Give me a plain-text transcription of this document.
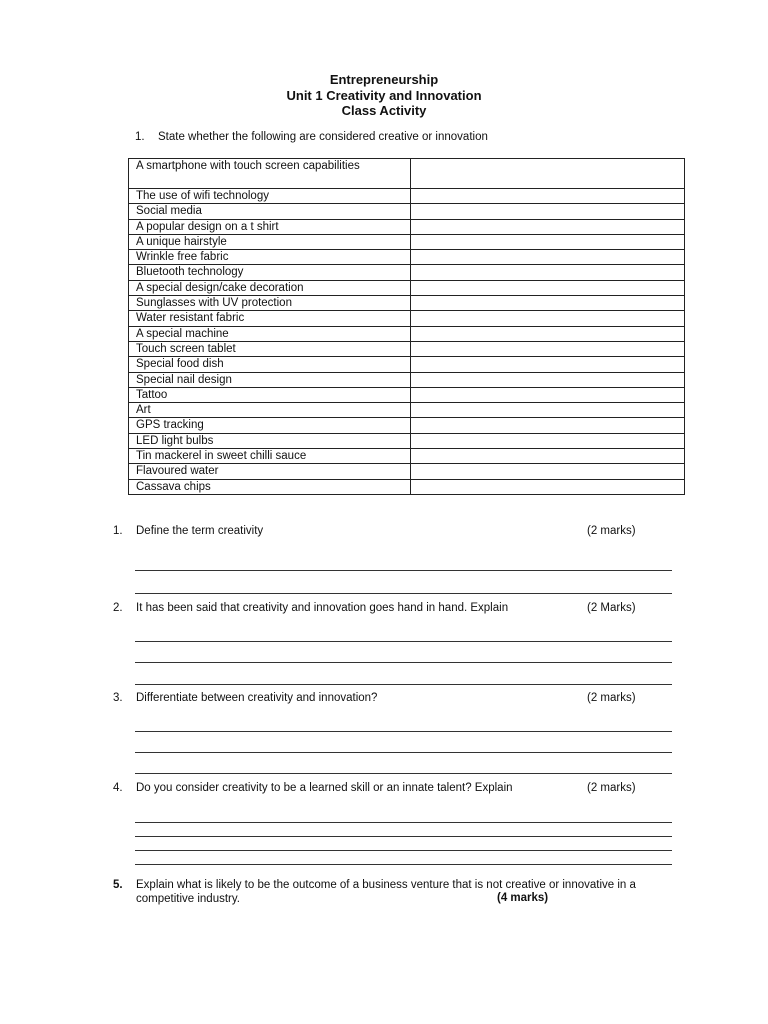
Entrepreneurship
Unit 1 Creativity and Innovation
Class Activity
1. State whether the following are considered creative or innovation
A smartphone with touch screen capabilities	
The use of wifi technology	
Social media	
A popular design on a t shirt	
A unique hairstyle	
Wrinkle free fabric	
Bluetooth technology	
A special design/cake decoration	
Sunglasses with UV protection	
Water resistant fabric	
A special machine	
Touch screen tablet	
Special food dish	
Special nail design	
Tattoo	
Art	
GPS tracking	
LED light bulbs	
Tin mackerel in sweet chilli sauce	
Flavoured water	
Cassava chips	
1. Define the term creativity	(2 marks)
2. It has been said that creativity and innovation goes hand in hand. Explain	(2 Marks)
3. Differentiate between creativity and innovation?	(2 marks)
4. Do you consider creativity to be a learned skill or an innate talent? Explain	(2 marks)
5. Explain what is likely to be the outcome of a business venture that is not creative or innovative in a competitive industry.	(4 marks)
